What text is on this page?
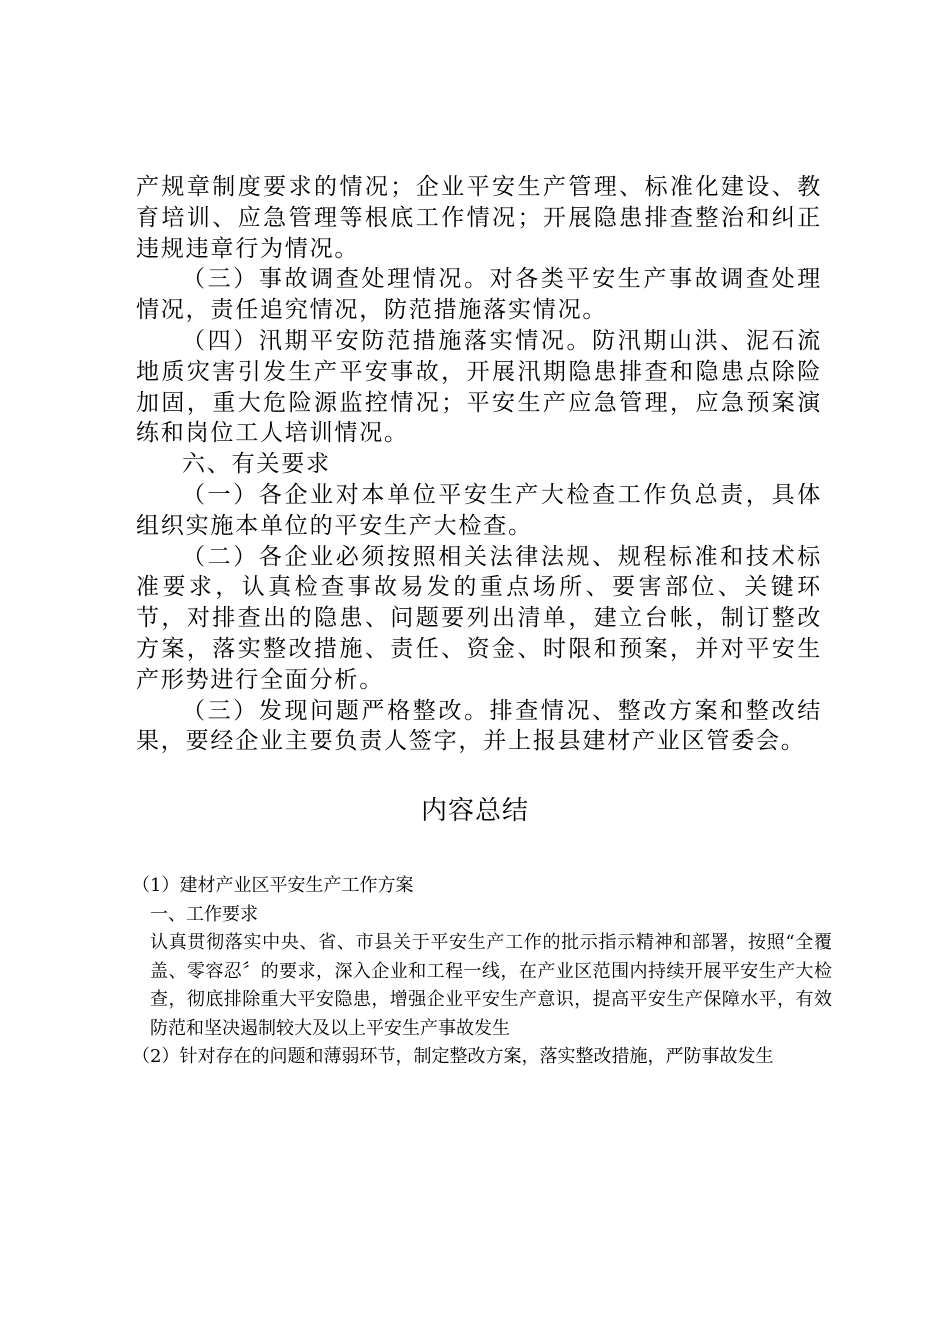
产规章制度要求的情况；企业平安生产管理、标准化建设、教育培训、应急管理等根底工作情况；开展隐患排查整治和纠正违规违章行为情况。

（三）事故调查处理情况。对各类平安生产事故调查处理情况，责任追究情况，防范措施落实情况。

（四）汛期平安防范措施落实情况。防汛期山洪、泥石流地质灾害引发生产平安事故，开展汛期隐患排查和隐患点除险加固，重大危险源监控情况；平安生产应急管理，应急预案演练和岗位工人培训情况。

六、有关要求

（一）各企业对本单位平安生产大检查工作负总责，具体组织实施本单位的平安生产大检查。

（二）各企业必须按照相关法律法规、规程标准和技术标准要求，认真检查事故易发的重点场所、要害部位、关键环节，对排查出的隐患、问题要列出清单，建立台帐，制订整改方案，落实整改措施、责任、资金、时限和预案，并对平安生产形势进行全面分析。

（三）发现问题严格整改。排查情况、整改方案和整改结果，要经企业主要负责人签字，并上报县建材产业区管委会。

内容总结

（1）建材产业区平安生产工作方案

一、工作要求

认真贯彻落实中央、省、市县关于平安生产工作的批示指示精神和部署，按照“全覆盖、零容忍〞的要求，深入企业和工程一线，在产业区范围内持续开展平安生产大检查，彻底排除重大平安隐患，增强企业平安生产意识，提高平安生产保障水平，有效防范和坚决遏制较大及以上平安生产事故发生

（2）针对存在的问题和薄弱环节，制定整改方案，落实整改措施，严防事故发生
